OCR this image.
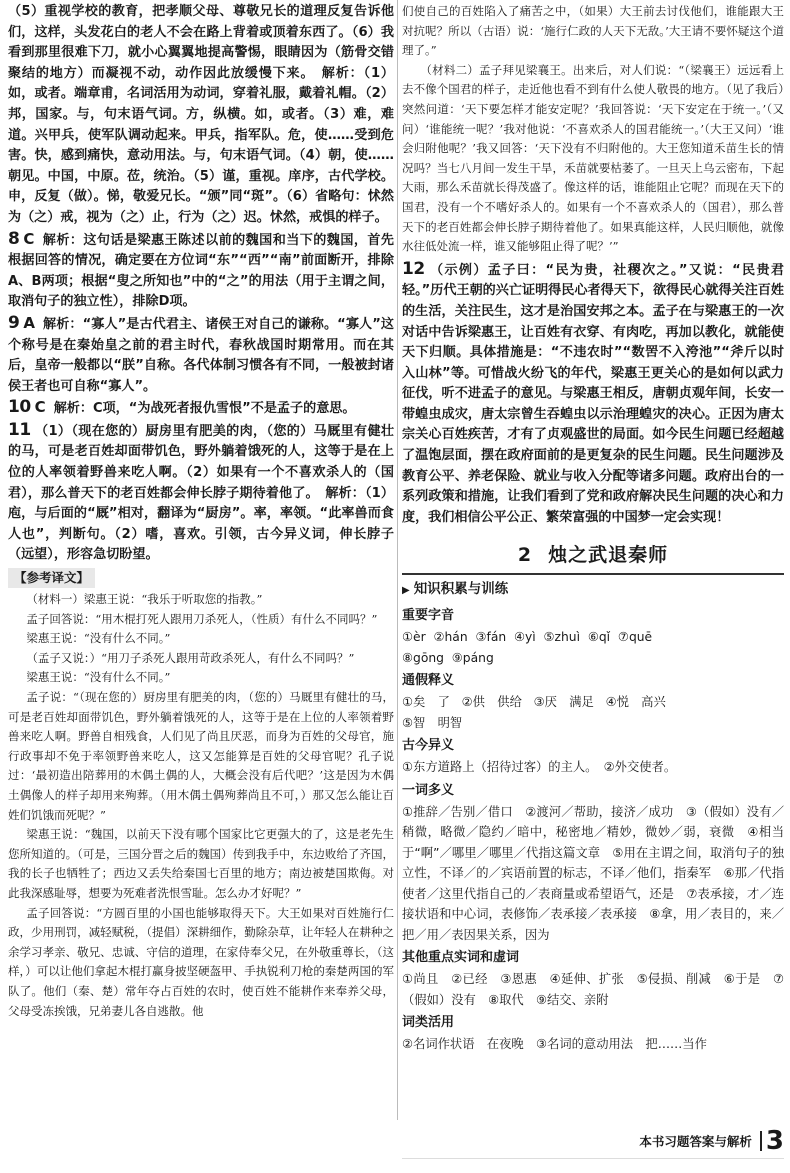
（5）重视学校的教育，把孝顺父母、尊敬兄长的道理反复告诉他们，这样，头发花白的老人不会在路上背着或顶着东西了。（6）我看到那里很难下刀，就小心翼翼地提高警惕，眼睛因为（筋骨交错聚结的地方）而凝视不动，动作因此放缓慢下来。　解析：（1）如，或者。端章甫，名词活用为动词，穿着礼服，戴着礼帽。（2）邦，国家。与，句末语气词。方，纵横。如，或者。（3）难，难道。兴甲兵，使军队调动起来。甲兵，指军队。危，使……受到危害。快，感到痛快，意动用法。与，句末语气词。（4）朝，使……朝见。中国，中原。莅，统治。（5）谨，重视。庠序，古代学校。申，反复（做）。悌，敬爱兄长。“颁”同“斑”。（6）省略句：怵然为（之）戒，视为（之）止，行为（之）迟。怵然，戒惧的样子。

8 C 解析：这句话是梁惠王陈述以前的魏国和当下的魏国，首先根据回答的情况，确定要在方位词“东”“西”“南”前面断开，排除A、B两项；根据“叟之所知也”中的“之”的用法（用于主谓之间，取消句子的独立性），排除D项。

9 A 解析：“寡人”是古代君主、诸侯王对自己的谦称。“寡人”这个称号是在秦始皇之前的君主时代，春秋战国时期常用。而在其后，皇帝一般都以“朕”自称。各代体制习惯各有不同，一般被封诸侯王者也可自称“寡人”。

10 C 解析：C项，“为战死者报仇雪恨”不是孟子的意思。

11 （1）（现在您的）厨房里有肥美的肉，（您的）马厩里有健壮的马，可是老百姓却面带饥色，野外躺着饿死的人，这等于是在上位的人率领着野兽来吃人啊。（2）如果有一个不喜欢杀人的（国君），那么普天下的老百姓都会伸长脖子期待着他了。　解析：（1）庖，与后面的“厩”相对，翻译为“厨房”。率，率领。“此率兽而食人也”，判断句。（2）嗜，喜欢。引领，古今异义词，伸长脖子（远望），形容急切盼望。

【参考译文】

（材料一）梁惠王说：“我乐于听取您的指教。”

孟子回答说：“用木棍打死人跟用刀杀死人，（性质）有什么不同吗？”

梁惠王说：“没有什么不同。”

（孟子又说：）“用刀子杀死人跟用苛政杀死人，有什么不同吗？”

梁惠王说：“没有什么不同。”

孟子说：“（现在您的）厨房里有肥美的肉，（您的）马厩里有健壮的马，可是老百姓却面带饥色，野外躺着饿死的人，这等于是在上位的人率领着野兽来吃人啊。野兽自相残食，人们见了尚且厌恶，而身为百姓的父母官，施行政事却不免于率领野兽来吃人，这又怎能算是百姓的父母官呢？孔子说过：‘最初造出陪葬用的木偶土偶的人，大概会没有后代吧？’这是因为木偶土偶像人的样子却用来殉葬。（用木偶土偶殉葬尚且不可，）那又怎么能让百姓们饥饿而死呢？”

梁惠王说：“魏国，以前天下没有哪个国家比它更强大的了，这是老先生您所知道的。（可是，三国分晋之后的魏国）传到我手中，东边败给了齐国，我的长子也牺牲了；西边又丢失给秦国七百里的地方；南边被楚国欺侮。对此我深感耻辱，想要为死难者洗恨雪耻。怎么办才好呢？”

孟子回答说：“方圆百里的小国也能够取得天下。大王如果对百姓施行仁政，少用刑罚，减轻赋税，（提倡）深耕细作，勤除杂草，让年轻人在耕种之余学习孝亲、敬兄、忠诚、守信的道理，在家侍奉父兄，在外敬重尊长，（这样，）可以让他们拿起木棍打赢身披坚硬盔甲、手执锐利刀枪的秦楚两国的军队了。他们（秦、楚）常年夺占百姓的农时，使百姓不能耕作来奉养父母，父母受冻挨饿，兄弟妻儿各自逃散。他

们使自己的百姓陷入了痛苦之中，（如果）大王前去讨伐他们，谁能跟大王对抗呢？所以（古语）说：‘施行仁政的人天下无敌。’大王请不要怀疑这个道理了。”

（材料二）孟子拜见梁襄王。出来后，对人们说：“（梁襄王）远远看上去不像个国君的样子，走近他也看不到有什么使人敬畏的地方。（见了我后）突然问道：‘天下要怎样才能安定呢？’我回答说：‘天下安定在于统一。’（又问）‘谁能统一呢？’我对他说：‘不喜欢杀人的国君能统一。’（大王又问）‘谁会归附他呢？’我又回答：‘天下没有不归附他的。大王您知道禾苗生长的情况吗？当七八月间一发生干旱，禾苗就要枯萎了。一旦天上乌云密布，下起大雨，那么禾苗就长得茂盛了。像这样的话，谁能阻止它呢？而现在天下的国君，没有一个不嗜好杀人的。如果有一个不喜欢杀人的（国君），那么普天下的老百姓都会伸长脖子期待着他了。如果真能这样，人民归顺他，就像水往低处流一样，谁又能够阻止得了呢？’”

12 （示例）孟子曰：“民为贵，社稷次之。”又说：“民贵君轻。”历代王朝的兴亡证明得民心者得天下，欲得民心就得关注百姓的生活，关注民生，这才是治国安邦之本。孟子在与梁惠王的一次对话中告诉梁惠王，让百姓有衣穿、有肉吃，再加以教化，就能使天下归顺。具体措施是：“不违农时”“数罟不入洿池”“斧斤以时入山林”等。可惜战火纷飞的年代，梁惠王更关心的是如何以武力征伐，听不进孟子的意见。与梁惠王相反，唐朝贞观年间，长安一带蝗虫成灾，唐太宗曾生吞蝗虫以示治理蝗灾的决心。正因为唐太宗关心百姓疾苦，才有了贞观盛世的局面。如今民生问题已经超越了温饱层面，摆在政府面前的是更复杂的民生问题。民生问题涉及教育公平、养老保险、就业与收入分配等诸多问题。政府出台的一系列政策和措施，让我们看到了党和政府解决民生问题的决心和力度，我们相信公平公正、繁荣富强的中国梦一定会实现！

2 烛之武退秦师
▶ 知识积累与训练
重要字音
①èr ②hán ③fán ④yì ⑤zhuì ⑥qǐ ⑦quē
⑧gōng ⑨páng
通假释义
①矣　了 ②供　供给 ③厌　满足 ④悦　高兴
⑤智　明智
古今异义
①东方道路上（招待过客）的主人。　②外交使者。
一词多义
①推辞／告别／借口　②渡河／帮助，接济／成功　③（假如）没有／稍微，略微／隐约／暗中，秘密地／精妙，微妙／弱，衰微　④相当于“啊”／哪里／哪里／代指这篇文章　⑤用在主谓之间，取消句子的独立性，不译／的／宾语前置的标志，不译／他们，指秦军　⑥那／代指使者／这里代指自己的／表商量或希望语气，还是　⑦表承接，才／连接状语和中心词，表修饰／表承接／表承接　⑧拿，用／表目的，来／把／用／表因果关系，因为
其他重点实词和虚词
①尚且　②已经　③恩惠　④延伸、扩张　⑤侵损、削减　⑥于是　⑦（假如）没有　⑧取代　⑨结交、亲附
词类活用
②名词作状语　在夜晚　③名词的意动用法　把……当作
本书习题答案与解析 3
